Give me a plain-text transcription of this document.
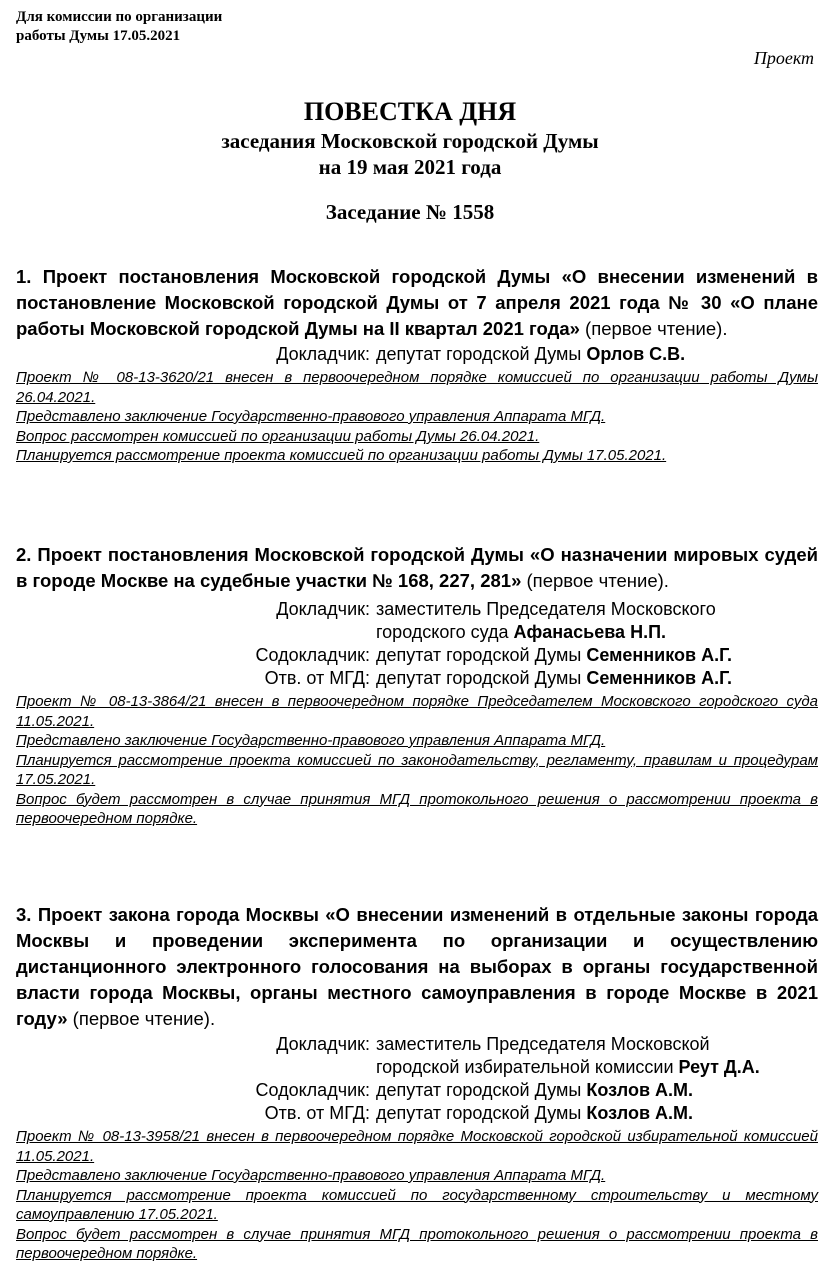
Для комиссии по организации
работы Думы 17.05.2021
Проект
ПОВЕСТКА ДНЯ
заседания Московской городской Думы
на 19 мая 2021 года
Заседание № 1558
1. Проект постановления Московской городской Думы «О внесении изменений в постановление Московской городской Думы от 7 апреля 2021 года № 30 «О плане работы Московской городской Думы на II квартал 2021 года» (первое чтение).
Докладчик: депутат городской Думы Орлов С.В.
Проект № 08-13-3620/21 внесен в первоочередном порядке комиссией по организации работы Думы 26.04.2021.
Представлено заключение Государственно-правового управления Аппарата МГД.
Вопрос рассмотрен комиссией по организации работы Думы 26.04.2021.
Планируется рассмотрение проекта комиссией по организации работы Думы 17.05.2021.
2. Проект постановления Московской городской Думы «О назначении мировых судей в городе Москве на судебные участки № 168, 227, 281» (первое чтение).
Докладчик: заместитель Председателя Московского
городского суда Афанасьева Н.П.
Содокладчик: депутат городской Думы Семенников А.Г.
Отв. от МГД: депутат городской Думы Семенников А.Г.
Проект № 08-13-3864/21 внесен в первоочередном порядке Председателем Московского городского суда 11.05.2021.
Представлено заключение Государственно-правового управления Аппарата МГД.
Планируется рассмотрение проекта комиссией по законодательству, регламенту, правилам и процедурам 17.05.2021.
Вопрос будет рассмотрен в случае принятия МГД протокольного решения о рассмотрении проекта в первоочередном порядке.
3. Проект закона города Москвы «О внесении изменений в отдельные законы города Москвы и проведении эксперимента по организации и осуществлению дистанционного электронного голосования на выборах в органы государственной власти города Москвы, органы местного самоуправления в городе Москве в 2021 году» (первое чтение).
Докладчик: заместитель Председателя Московской
городской избирательной комиссии Реут Д.А.
Содокладчик: депутат городской Думы Козлов А.М.
Отв. от МГД: депутат городской Думы Козлов А.М.
Проект № 08-13-3958/21 внесен в первоочередном порядке Московской городской избирательной комиссией 11.05.2021.
Представлено заключение Государственно-правового управления Аппарата МГД.
Планируется рассмотрение проекта комиссией по государственному строительству и местному самоуправлению 17.05.2021.
Вопрос будет рассмотрен в случае принятия МГД протокольного решения о рассмотрении проекта в первоочередном порядке.
